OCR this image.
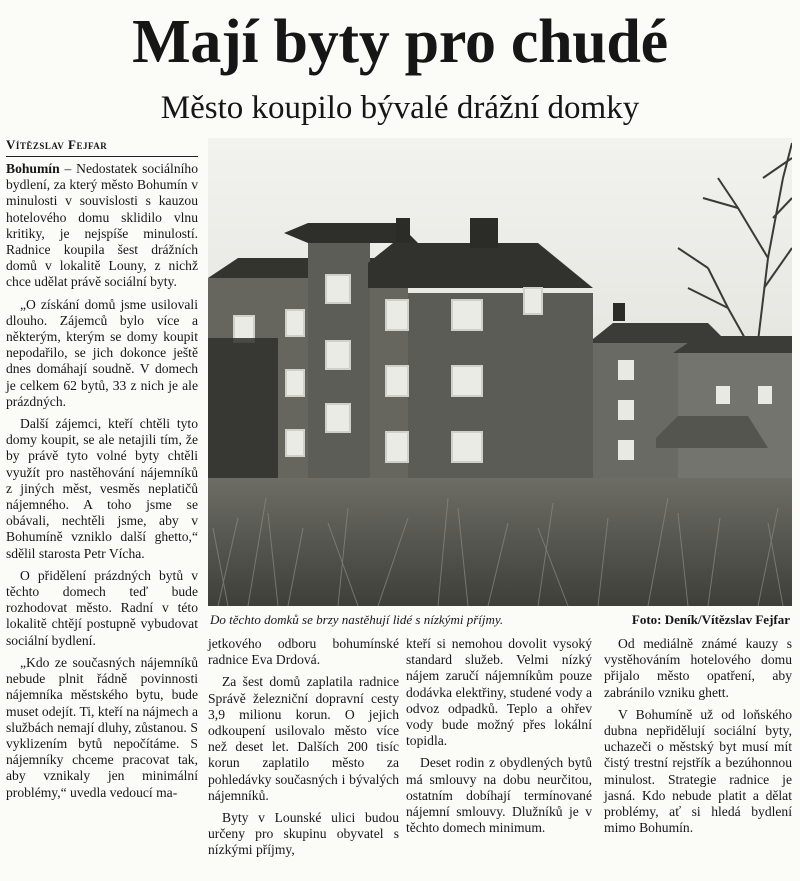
Mají byty pro chudé
Město koupilo bývalé drážní domky
Vítězslav Fejfar

Bohumín – Nedostatek sociálního bydlení, za který město Bohumín v minulosti v souvislosti s kauzou hotelového domu sklidilo vlnu kritiky, je nejspíše minulostí. Radnice koupila šest drážních domů v lokalitě Louny, z nichž chce udělat právě sociální byty.

„O získání domů jsme usilovali dlouho. Zájemců bylo více a některým, kterým se domy koupit nepodařilo, se jich dokonce ještě dnes domáhají soudně. V domech je celkem 62 bytů, 33 z nich je ale prázdných.

Další zájemci, kteří chtěli tyto domy koupit, se ale netajili tím, že by právě tyto volné byty chtěli využít pro nastěhování nájemníků z jiných měst, vesměs neplatičů nájemného. A toho jsme se obávali, nechtěli jsme, aby v Bohumíně vzniklo další ghetto,“ sdělil starosta Petr Vícha.

O přidělení prázdných bytů v těchto domech teď bude rozhodovat město. Radní v této lokalitě chtějí postupně vybudovat sociální bydlení.

„Kdo ze současných nájemníků nebude plnit řádně povinnosti nájemníka městského bytu, bude muset odejít. Ti, kteří na nájmech a službách nemají dluhy, zůstanou. S vyklizením bytů nepočítáme. S nájemníky chceme pracovat tak, aby vznikaly jen minimální problémy,“ uvedla vedoucí ma-

Do těchto domků se brzy nastěhují lidé s nízkými příjmy.	Foto: Deník/Vítězslav Fejfar

jetkového odboru bohumínské radnice Eva Drdová.

Za šest domů zaplatila radnice Správě železniční dopravní cesty 3,9 milionu korun. O jejich odkoupení usilovalo město více než deset let. Dalších 200 tisíc korun zaplatilo město za pohledávky současných i bývalých nájemníků.

Byty v Lounské ulici budou určeny pro skupinu obyvatel s nízkými příjmy,

kteří si nemohou dovolit vysoký standard služeb. Velmi nízký nájem zaručí nájemníkům pouze dodávka elektřiny, studené vody a odvoz odpadků. Teplo a ohřev vody bude možný přes lokální topidla.

Deset rodin z obydlených bytů má smlouvy na dobu neurčitou, ostatním dobíhají termínované nájemní smlouvy. Dlužníků je v těchto domech minimum.

Od mediálně známé kauzy s vystěhováním hotelového domu přijalo město opatření, aby zabránilo vzniku ghett.

V Bohumíně už od loňského dubna nepřidělují sociální byty, uchazeči o městský byt musí mít čistý trestní rejstřík a bezúhonnou minulost. Strategie radnice je jasná. Kdo nebude platit a dělat problémy, ať si hledá bydlení mimo Bohumín.
